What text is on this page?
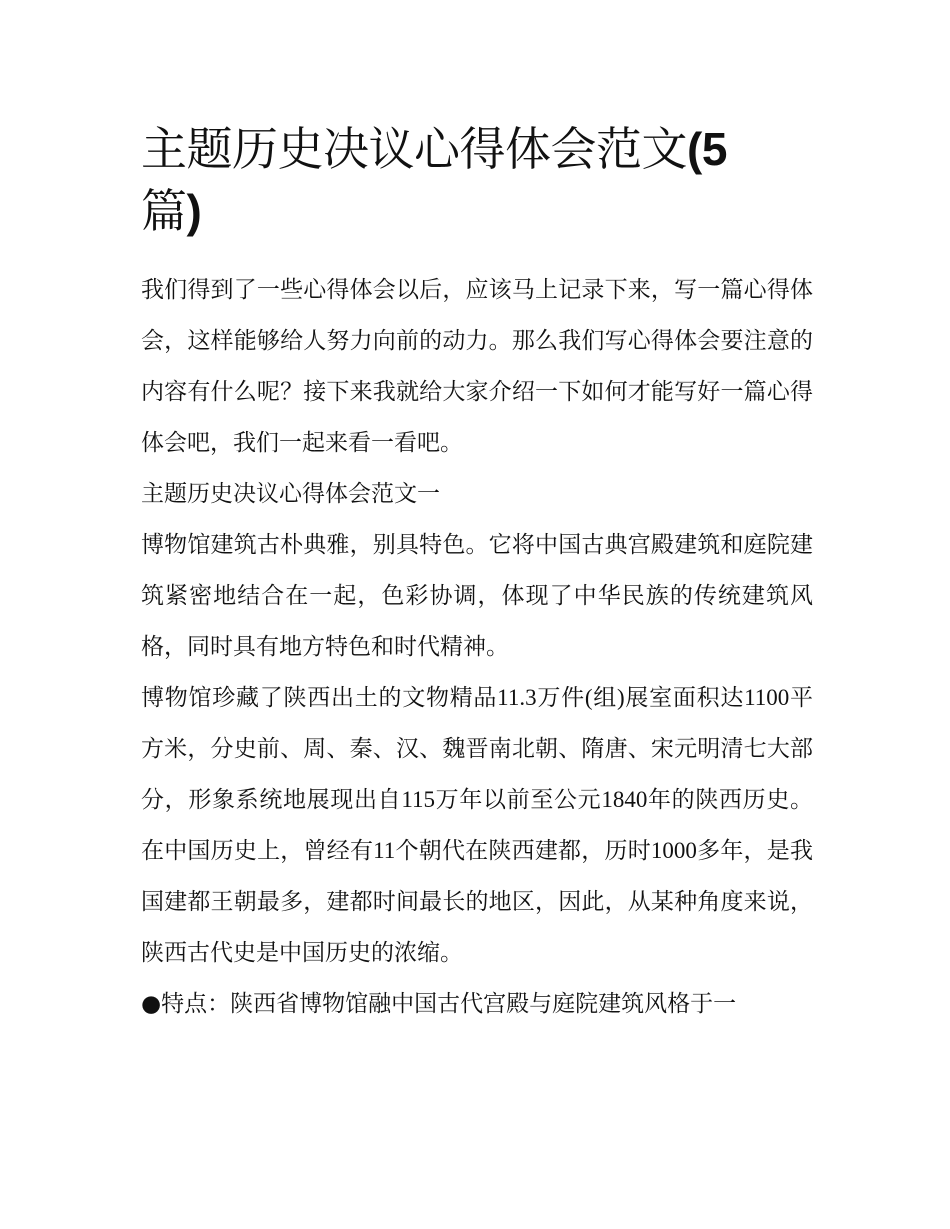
主题历史决议心得体会范文(5
篇)

我们得到了一些心得体会以后，应该马上记录下来，写一篇心得体会，这样能够给人努力向前的动力。那么我们写心得体会要注意的内容有什么呢？接下来我就给大家介绍一下如何才能写好一篇心得体会吧，我们一起来看一看吧。

主题历史决议心得体会范文一

博物馆建筑古朴典雅，别具特色。它将中国古典宫殿建筑和庭院建筑紧密地结合在一起，色彩协调，体现了中华民族的传统建筑风格，同时具有地方特色和时代精神。

博物馆珍藏了陕西出土的文物精品11.3万件(组)展室面积达1100平方米，分史前、周、秦、汉、魏晋南北朝、隋唐、宋元明清七大部分，形象系统地展现出自115万年以前至公元1840年的陕西历史。在中国历史上，曾经有11个朝代在陕西建都，历时1000多年，是我国建都王朝最多，建都时间最长的地区，因此，从某种角度来说，陕西古代史是中国历史的浓缩。

●特点：陕西省博物馆融中国古代宫殿与庭院建筑风格于一
